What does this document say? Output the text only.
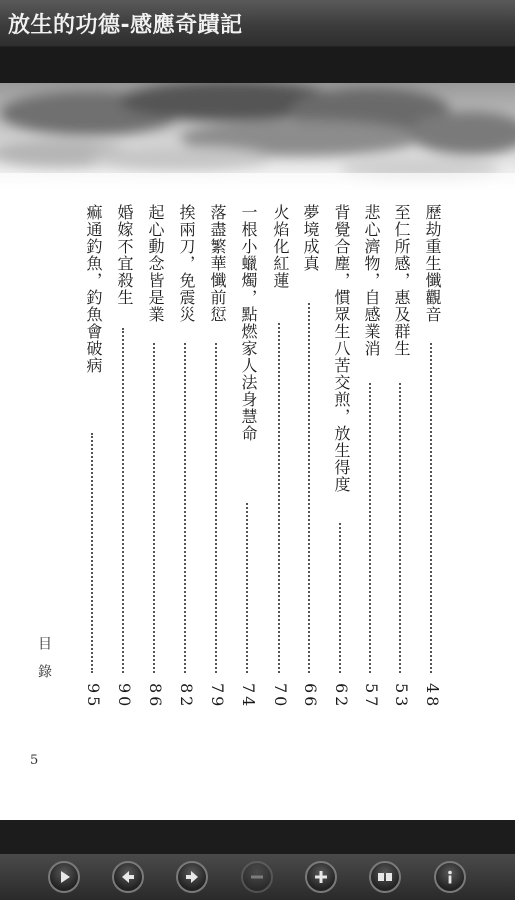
放生的功德-感應奇蹟記
歷劫重生懺觀音
48
至仁所感，惠及群生
53
悲心濟物，自感業消
57
背覺合塵，慣眾生八苦交煎，放生得度
62
夢境成真
66
火焰化紅蓮
70
一根小蠟燭，點燃家人法身慧命
74
落盡繁華懺前愆
79
挨兩刀，免震災
82
起心動念皆是業
86
婚嫁不宜殺生
90
痲通釣魚，釣魚會破病
95
目錄
5
